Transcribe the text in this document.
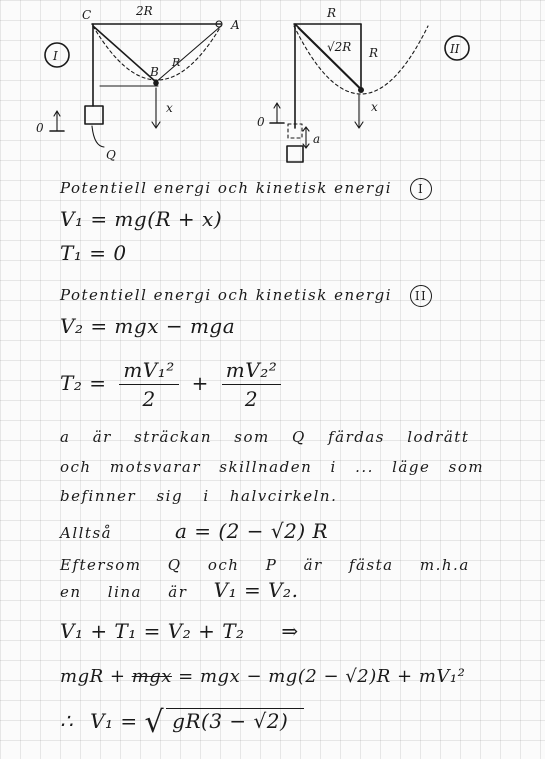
I
C	2R
A
B
R
x
0
Q
II
R
√2R R
x
0
a
Potentiell energi och kinetisk energi I
V₁ = mg(R + x)
T₁ = 0
Potentiell energi och kinetisk energi II
V₂ = mgx − mga
$T_2 = \frac{\text{mV₁²}}{2} + \frac{\text{mV₂²}}{2}$
a är sträckan som Q färdas lodrätt
och motsvarar skillnaden i ... läge som
befinner sig i halvcirkeln.
Alltså	a = (2 − √2) R
Eftersom Q och P är fästa m.h.a
en lina är V₁ = V₂.
V₁ + T₁ = V₂ + T₂ ⇒
mgR + mgx = mgx − mg(2 − √2)R + mV₁²
∴ V₁ = √ gR(3 − √2)
